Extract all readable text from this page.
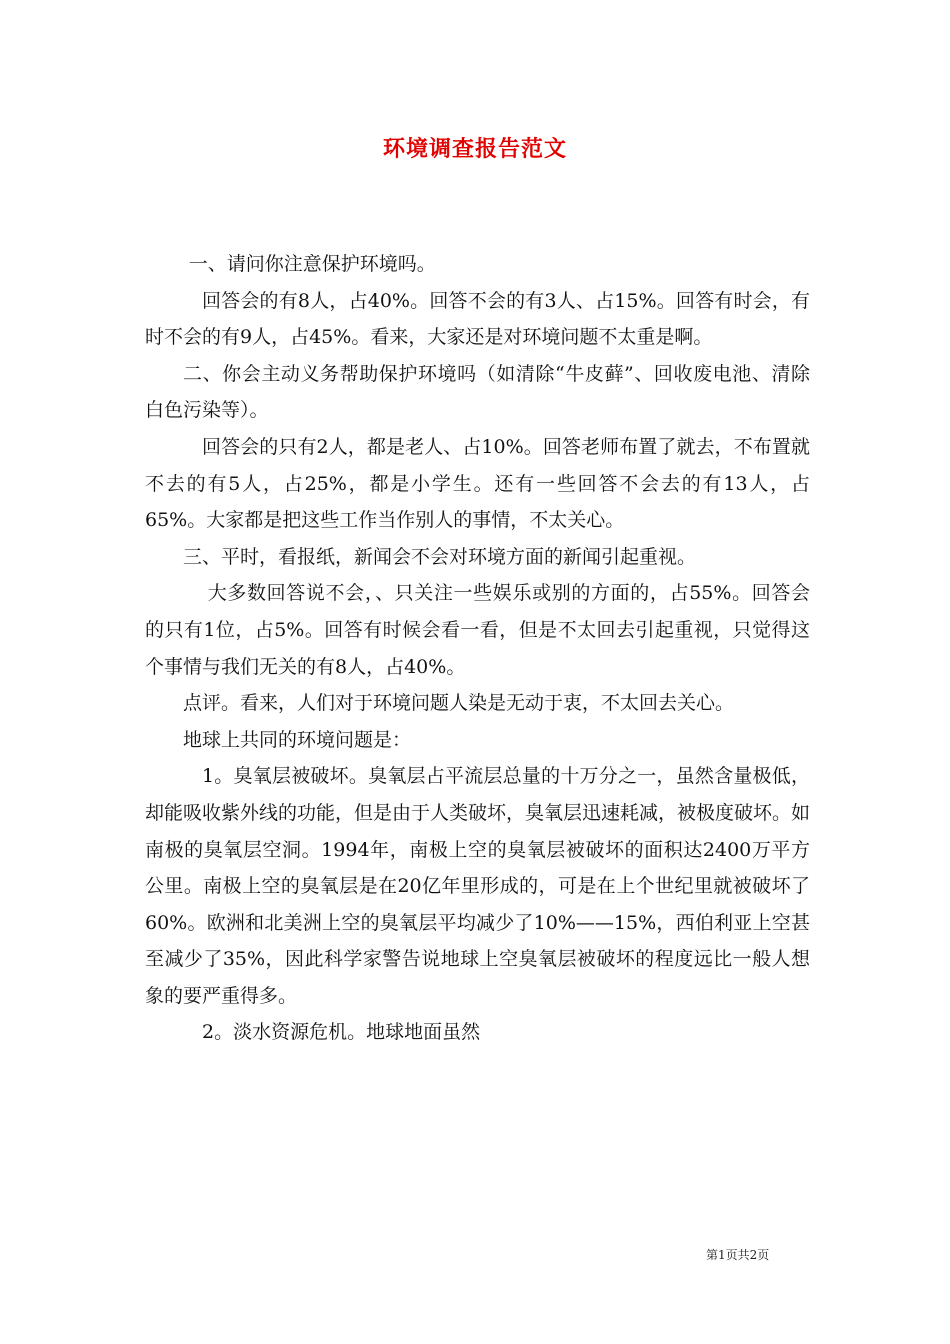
环境调查报告范文

一、请问你注意保护环境吗。

回答会的有8人，占40%。回答不会的有3人、占15%。回答有时会，有时不会的有9人，占45%。看来，大家还是对环境问题不太重是啊。

二、你会主动义务帮助保护环境吗（如清除“牛皮藓”、回收废电池、清除白色污染等）。

回答会的只有2人，都是老人、占10%。回答老师布置了就去，不布置就不去的有5人，占25%，都是小学生。还有一些回答不会去的有13人，占65%。大家都是把这些工作当作别人的事情，不太关心。

三、平时，看报纸，新闻会不会对环境方面的新闻引起重视。

大多数回答说不会，、只关注一些娱乐或别的方面的，占55%。回答会的只有1位，占5%。回答有时候会看一看，但是不太回去引起重视，只觉得这个事情与我们无关的有8人，占40%。

点评。看来，人们对于环境问题人染是无动于衷，不太回去关心。

地球上共同的环境问题是：

1。臭氧层被破坏。臭氧层占平流层总量的十万分之一，虽然含量极低，却能吸收紫外线的功能，但是由于人类破坏，臭氧层迅速耗减，被极度破坏。如南极的臭氧层空洞。1994年，南极上空的臭氧层被破坏的面积达2400万平方公里。南极上空的臭氧层是在20亿年里形成的，可是在上个世纪里就被破坏了60%。欧洲和北美洲上空的臭氧层平均减少了10%——15%，西伯利亚上空甚至减少了35%，因此科学家警告说地球上空臭氧层被破坏的程度远比一般人想象的要严重得多。

2。淡水资源危机。地球地面虽然

第1页共2页
